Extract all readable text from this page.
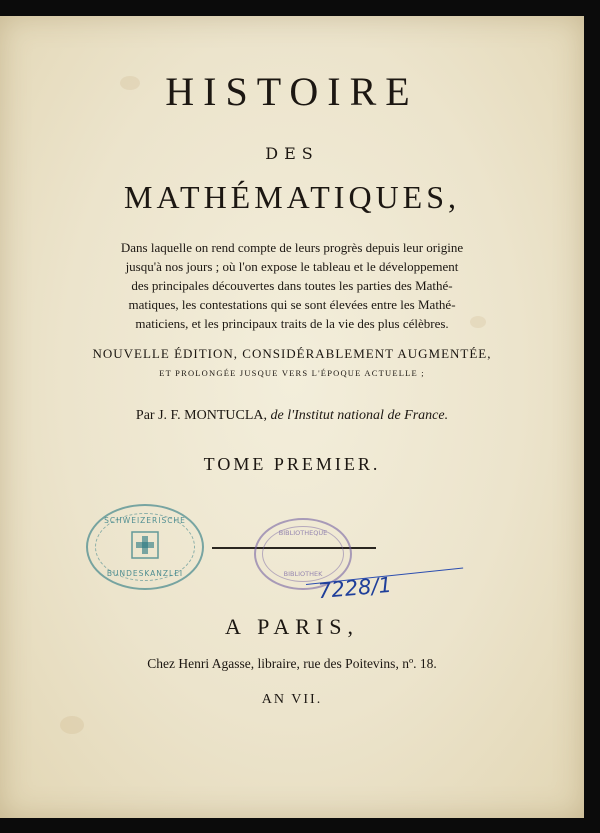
HISTOIRE
DES
MATHÉMATIQUES,
Dans laquelle on rend compte de leurs progrès depuis leur origine
jusqu'à nos jours ; où l'on expose le tableau et le développement
des principales découvertes dans toutes les parties des Mathé-
matiques, les contestations qui se sont élevées entre les Mathé-
maticiens, et les principaux traits de la vie des plus célèbres.
NOUVELLE ÉDITION, CONSIDÉRABLEMENT AUGMENTÉE,
ET PROLONGÉE JUSQUE VERS L'ÉPOQUE ACTUELLE ;
Par J. F. MONTUCLA, de l'Institut national de France.
TOME PREMIER.
SCHWEIZERISCHE
BUNDESKANZLEI
BIBLIOTHEQUE
BIBLIOTHEK
7228/1
A PARIS,
Chez Henri Agasse, libraire, rue des Poitevins, nº. 18.
AN VII.
